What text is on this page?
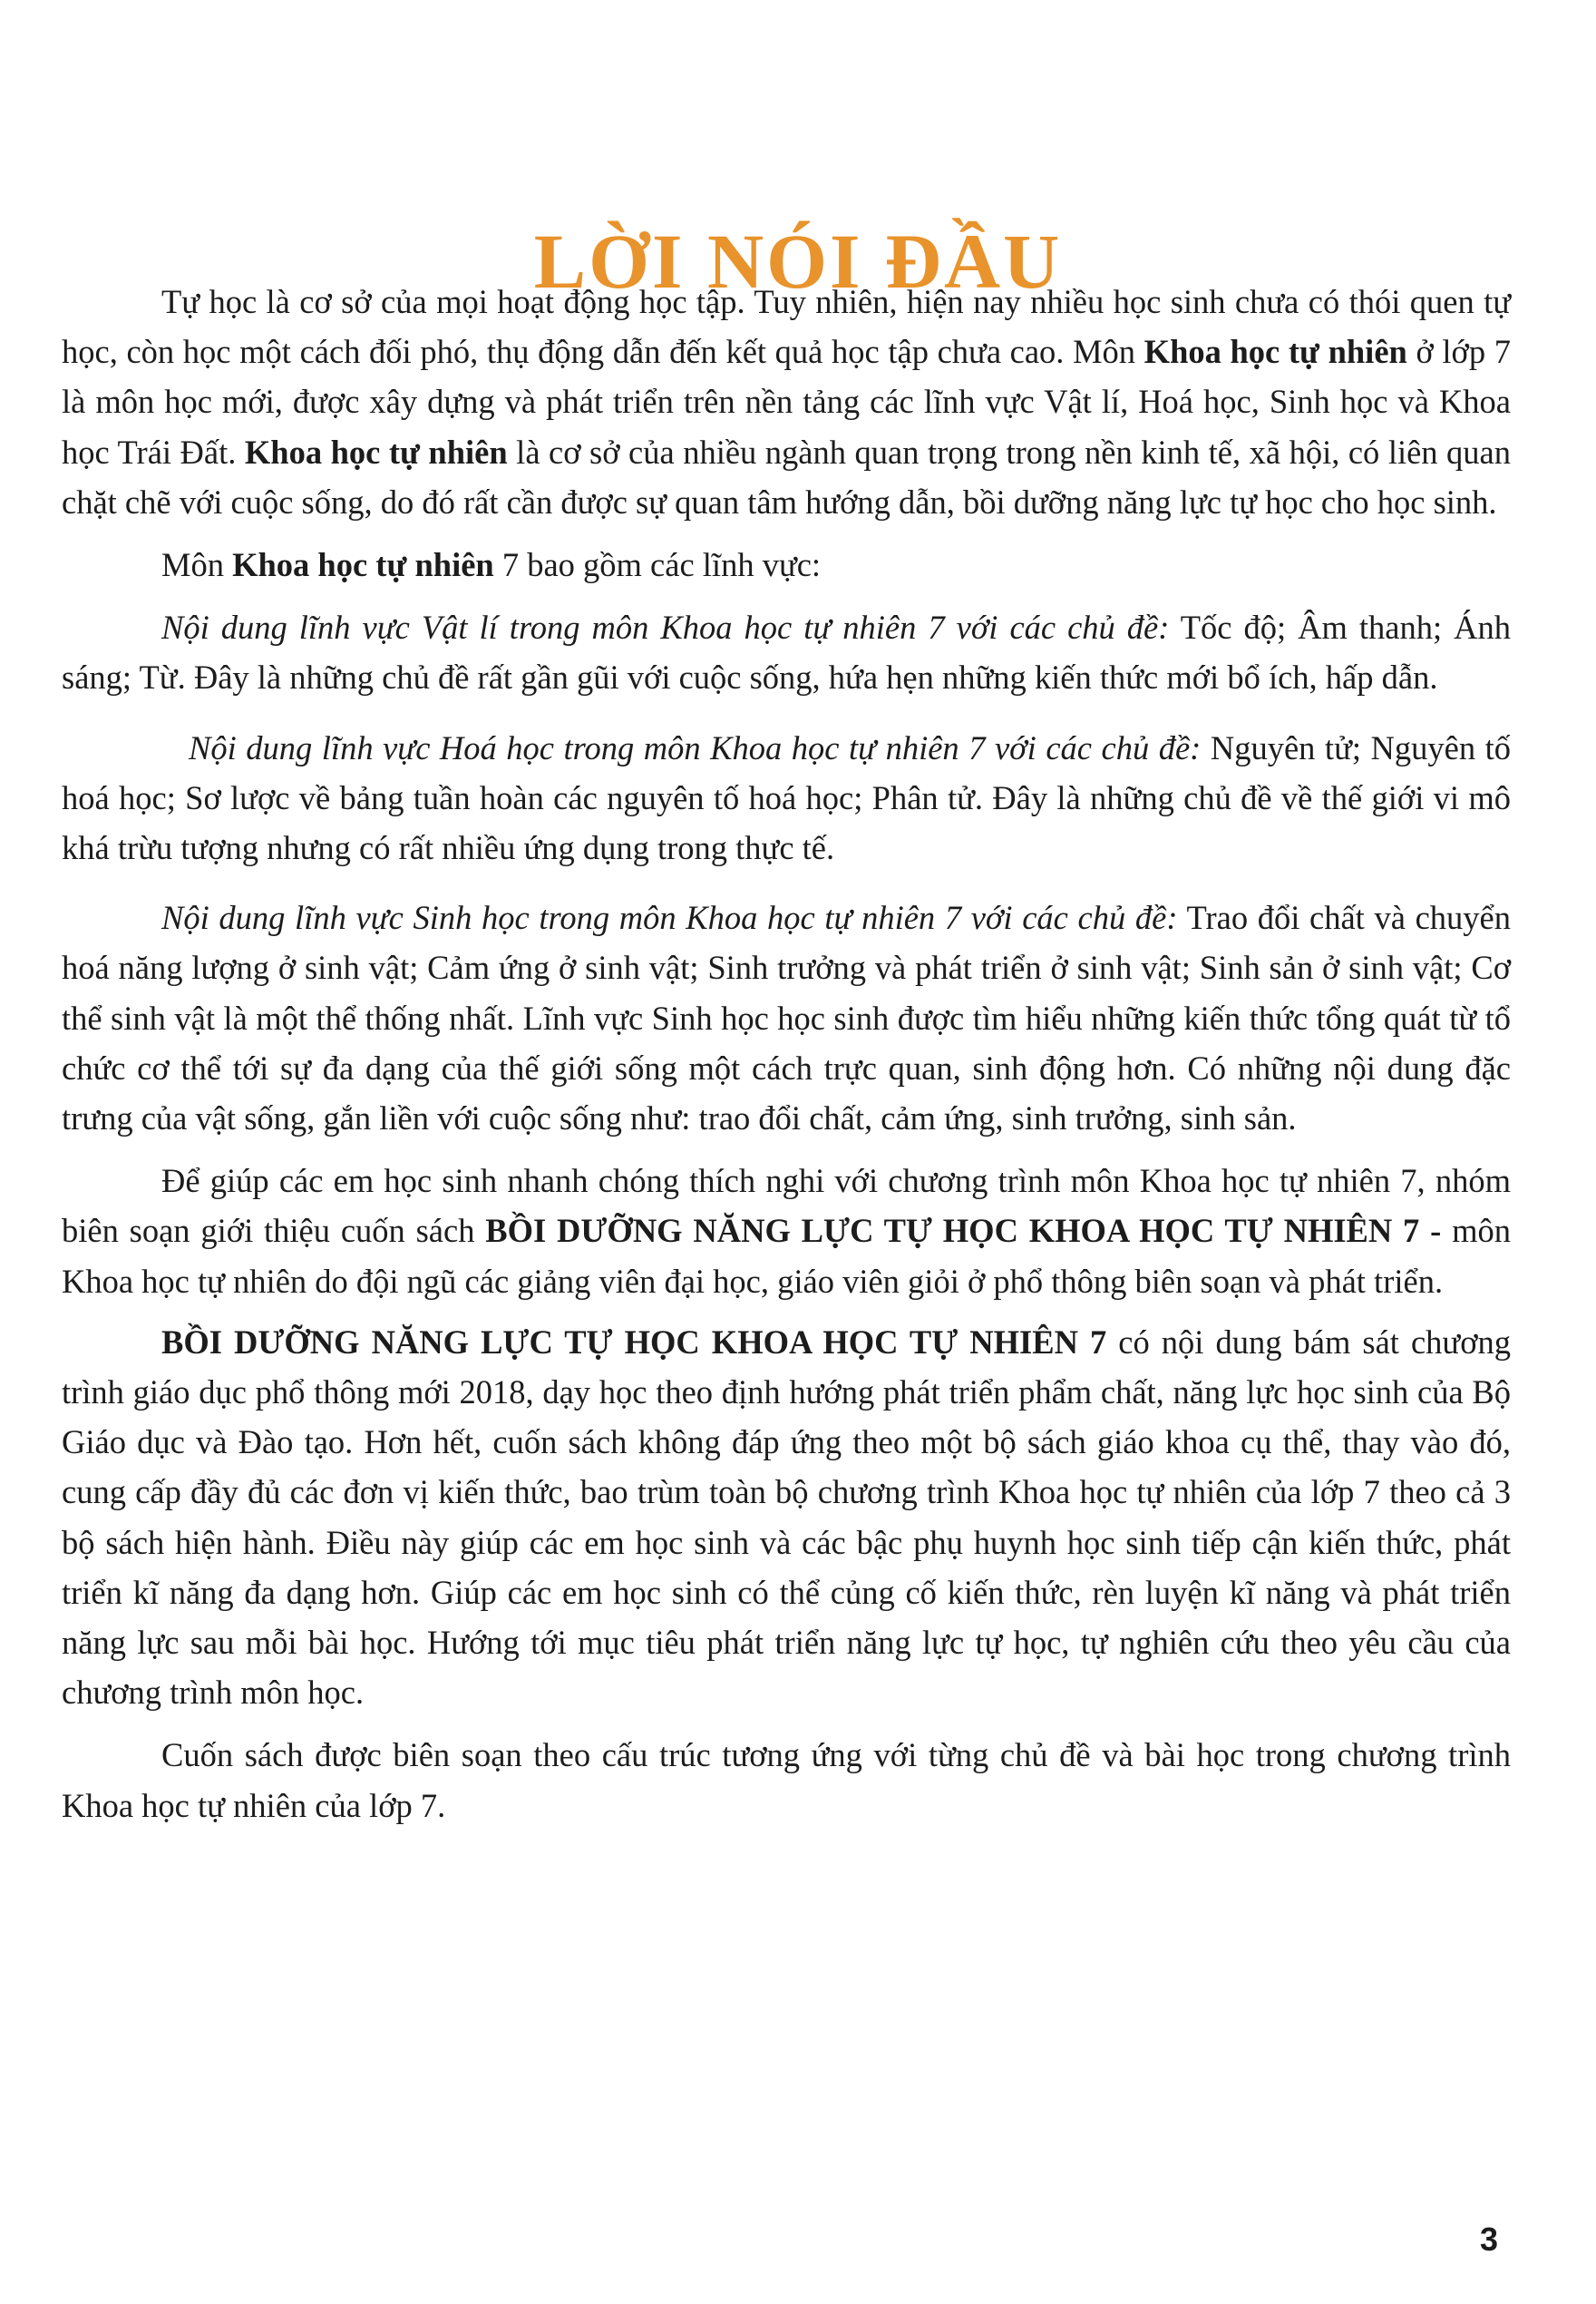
LỜI NÓI ĐẦU

Tự học là cơ sở của mọi hoạt động học tập. Tuy nhiên, hiện nay nhiều học sinh chưa có thói quen tự học, còn học một cách đối phó, thụ động dẫn đến kết quả học tập chưa cao. Môn Khoa học tự nhiên ở lớp 7 là môn học mới, được xây dựng và phát triển trên nền tảng các lĩnh vực Vật lí, Hoá học, Sinh học và Khoa học Trái Đất. Khoa học tự nhiên là cơ sở của nhiều ngành quan trọng trong nền kinh tế, xã hội, có liên quan chặt chẽ với cuộc sống, do đó rất cần được sự quan tâm hướng dẫn, bồi dưỡng năng lực tự học cho học sinh.

Môn Khoa học tự nhiên 7 bao gồm các lĩnh vực:

Nội dung lĩnh vực Vật lí trong môn Khoa học tự nhiên 7 với các chủ đề: Tốc độ; Âm thanh; Ánh sáng; Từ. Đây là những chủ đề rất gần gũi với cuộc sống, hứa hẹn những kiến thức mới bổ ích, hấp dẫn.

Nội dung lĩnh vực Hoá học trong môn Khoa học tự nhiên 7 với các chủ đề: Nguyên tử; Nguyên tố hoá học; Sơ lược về bảng tuần hoàn các nguyên tố hoá học; Phân tử. Đây là những chủ đề về thế giới vi mô khá trừu tượng nhưng có rất nhiều ứng dụng trong thực tế.

Nội dung lĩnh vực Sinh học trong môn Khoa học tự nhiên 7 với các chủ đề: Trao đổi chất và chuyển hoá năng lượng ở sinh vật; Cảm ứng ở sinh vật; Sinh trưởng và phát triển ở sinh vật; Sinh sản ở sinh vật; Cơ thể sinh vật là một thể thống nhất. Lĩnh vực Sinh học học sinh được tìm hiểu những kiến thức tổng quát từ tổ chức cơ thể tới sự đa dạng của thế giới sống một cách trực quan, sinh động hơn. Có những nội dung đặc trưng của vật sống, gắn liền với cuộc sống như: trao đổi chất, cảm ứng, sinh trưởng, sinh sản.

Để giúp các em học sinh nhanh chóng thích nghi với chương trình môn Khoa học tự nhiên 7, nhóm biên soạn giới thiệu cuốn sách BỒI DƯỠNG NĂNG LỰC TỰ HỌC KHOA HỌC TỰ NHIÊN 7 - môn Khoa học tự nhiên do đội ngũ các giảng viên đại học, giáo viên giỏi ở phổ thông biên soạn và phát triển.

BỒI DƯỠNG NĂNG LỰC TỰ HỌC KHOA HỌC TỰ NHIÊN 7 có nội dung bám sát chương trình giáo dục phổ thông mới 2018, dạy học theo định hướng phát triển phẩm chất, năng lực học sinh của Bộ Giáo dục và Đào tạo. Hơn hết, cuốn sách không đáp ứng theo một bộ sách giáo khoa cụ thể, thay vào đó, cung cấp đầy đủ các đơn vị kiến thức, bao trùm toàn bộ chương trình Khoa học tự nhiên của lớp 7 theo cả 3 bộ sách hiện hành. Điều này giúp các em học sinh và các bậc phụ huynh học sinh tiếp cận kiến thức, phát triển kĩ năng đa dạng hơn. Giúp các em học sinh có thể củng cố kiến thức, rèn luyện kĩ năng và phát triển năng lực sau mỗi bài học. Hướng tới mục tiêu phát triển năng lực tự học, tự nghiên cứu theo yêu cầu của chương trình môn học.

Cuốn sách được biên soạn theo cấu trúc tương ứng với từng chủ đề và bài học trong chương trình Khoa học tự nhiên của lớp 7.

3
